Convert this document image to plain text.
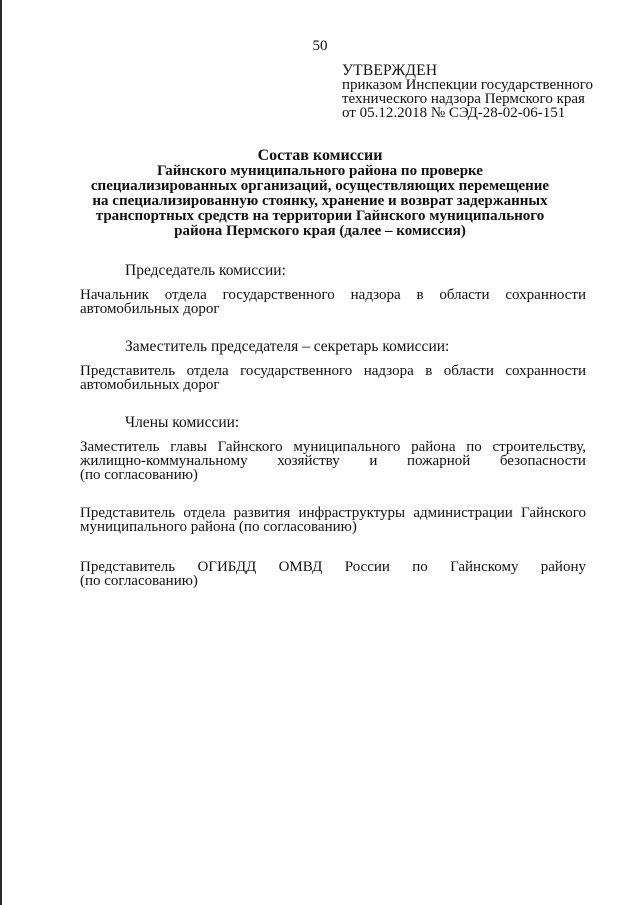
50
УТВЕРЖДЕН
приказом Инспекции государственного
технического надзора Пермского края
от 05.12.2018 № СЭД-28-02-06-151
Состав комиссии
Гайнского муниципального района по проверке
специализированных организаций, осуществляющих перемещение
на специализированную стоянку, хранение и возврат задержанных
транспортных средств на территории Гайнского муниципального
района Пермского края (далее – комиссия)
Председатель комиссии:
Начальник отдела государственного надзора в области сохранности
автомобильных дорог
Заместитель председателя – секретарь комиссии:
Представитель отдела государственного надзора в области сохранности
автомобильных дорог
Члены комиссии:
Заместитель главы Гайнского муниципального района по строительству,
жилищно-коммунальному хозяйству и пожарной безопасности
(по согласованию)
Представитель отдела развития инфраструктуры администрации Гайнского
муниципального района (по согласованию)
Представитель ОГИБДД ОМВД России по Гайнскому району
(по согласованию)
